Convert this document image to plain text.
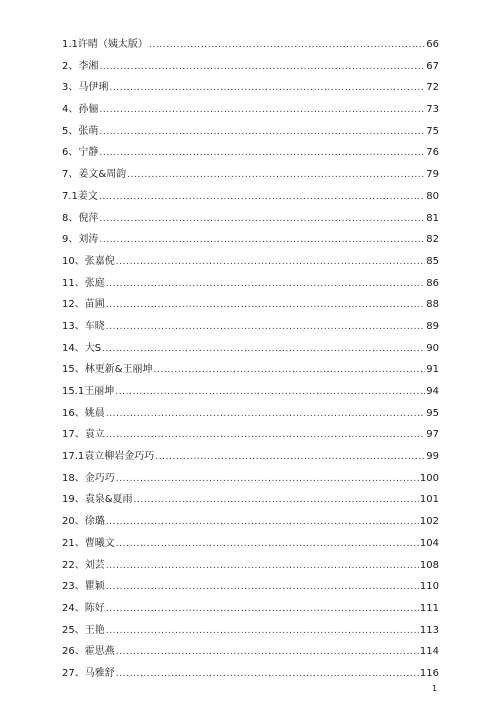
1.1许晴（姨太版） .....	66
2、李湘 .....	67
3、马伊琍 .....	72
4、孙俪 .....	73
5、张萌 .....	75
6、宁静 .....	76
7、姜文&周韵 .....	79
7.1姜文 .....	80
8、倪萍 .....	81
9、刘涛 .....	82
10、张嘉倪 .....	85
11、张庭 .....	86
12、苗圃 .....	88
13、车晓 .....	89
14、大S .....	90
15、林更新&王丽坤 .....	91
15.1王丽坤 .....	94
16、姚晨 .....	95
17、袁立 .....	97
17.1袁立柳岩金巧巧 .....	99
18、金巧巧 .....	100
19、袁泉&夏雨 .....	101
20、徐璐 .....	102
21、曹曦文 .....	104
22、刘芸 .....	108
23、瞿颖 .....	110
24、陈好 .....	111
25、王艳 .....	113
26、霍思燕 .....	114
27、马雅舒 .....	116
1
